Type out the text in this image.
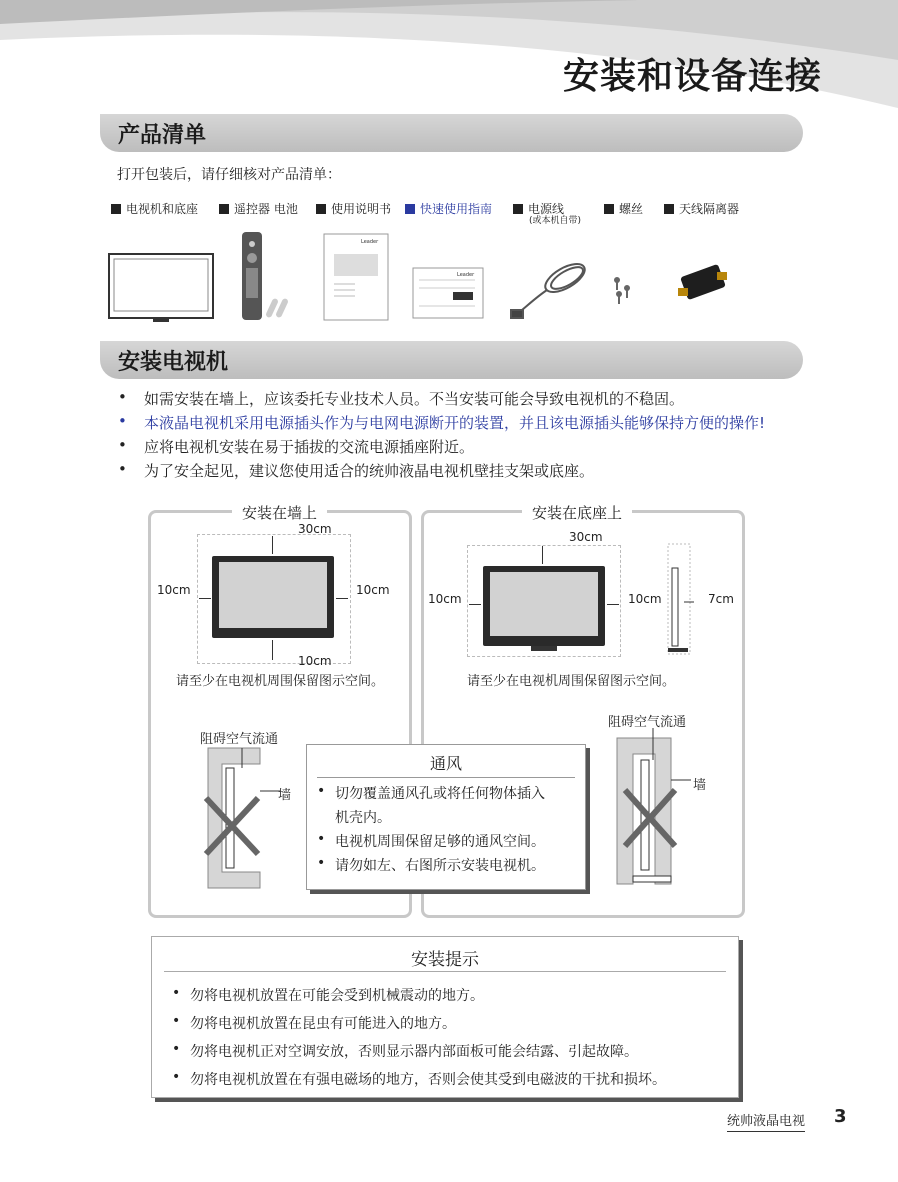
安装和设备连接
产品清单
打开包装后，请仔细核对产品清单：
电视机和底座	遥控器 电池	使用说明书	快速使用指南	电源线
(或本机自带)
螺丝	天线隔离器
Leader
Leader
安装电视机
如需安装在墙上，应该委托专业技术人员。不当安装可能会导致电视机的不稳固。
本液晶电视机采用电源插头作为与电网电源断开的装置，并且该电源插头能够保持方便的操作!
应将电视机安装在易于插拔的交流电源插座附近。
为了安全起见，建议您使用适合的统帅液晶电视机壁挂支架或底座。
安装在墙上
30cm
10cm	10cm
10cm
请至少在电视机周围保留图示空间。
阻碍空气流通
墙
安装在底座上
30cm
10cm	10cm	7cm
请至少在电视机周围保留图示空间。
阻碍空气流通
墙
通风
切勿覆盖通风孔或将任何物体插入
机壳内。
电视机周围保留足够的通风空间。
请勿如左、右图所示安装电视机。
安装提示
勿将电视机放置在可能会受到机械震动的地方。
勿将电视机放置在昆虫有可能进入的地方。
勿将电视机正对空调安放，否则显示器内部面板可能会结露、引起故障。
勿将电视机放置在有强电磁场的地方，否则会使其受到电磁波的干扰和损坏。
统帅液晶电视 3
